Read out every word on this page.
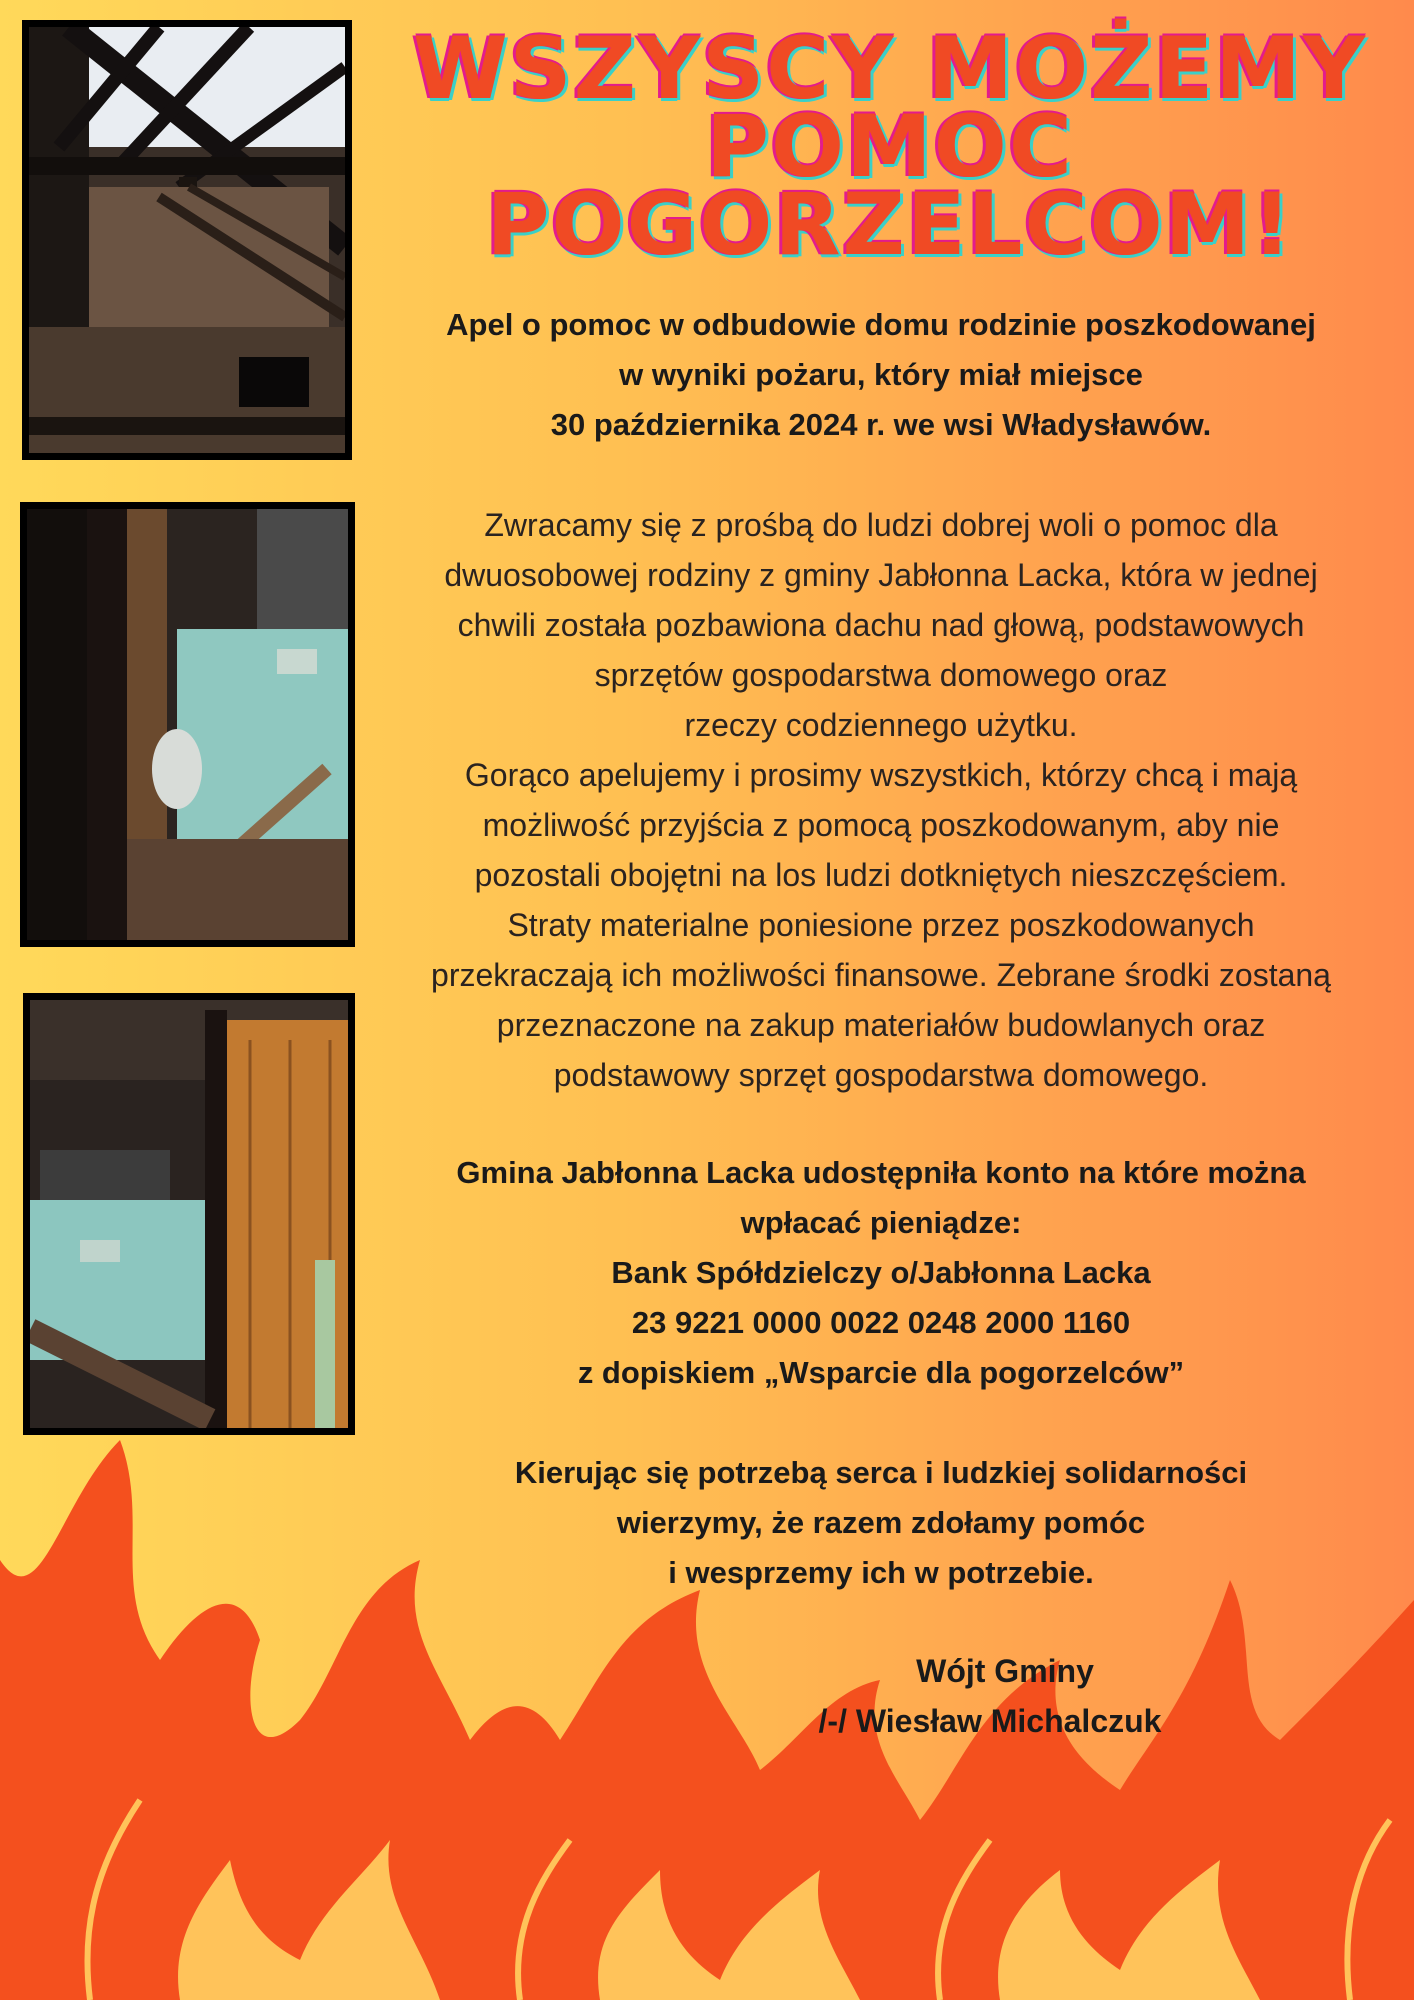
WSZYSCY MOŻEMY
POMOC
POGORZELCOM!

Apel o pomoc w odbudowie domu rodzinie poszkodowanej

w wyniki pożaru, który miał miejsce

30 października 2024 r. we wsi Władysławów.

Zwracamy się z prośbą do ludzi dobrej woli o pomoc dla

dwuosobowej rodziny z gminy Jabłonna Lacka, która w jednej

chwili została pozbawiona dachu nad głową, podstawowych

sprzętów gospodarstwa domowego oraz

rzeczy codziennego użytku.

Gorąco apelujemy i prosimy wszystkich, którzy chcą i mają

możliwość przyjścia z pomocą poszkodowanym, aby nie

pozostali obojętni na los ludzi dotkniętych nieszczęściem.

Straty materialne poniesione przez poszkodowanych

przekraczają ich możliwości finansowe. Zebrane środki zostaną

przeznaczone na zakup materiałów budowlanych oraz

podstawowy sprzęt gospodarstwa domowego.

Gmina Jabłonna Lacka udostępniła konto na które można

wpłacać pieniądze:

Bank Spółdzielczy o/Jabłonna Lacka

23 9221 0000 0022 0248 2000 1160

z dopiskiem „Wsparcie dla pogorzelców”

Kierując się potrzebą serca i ludzkiej solidarności

wierzymy, że razem zdołamy pomóc

i wesprzemy ich w potrzebie.

Wójt Gminy

/-/ Wiesław Michalczuk
